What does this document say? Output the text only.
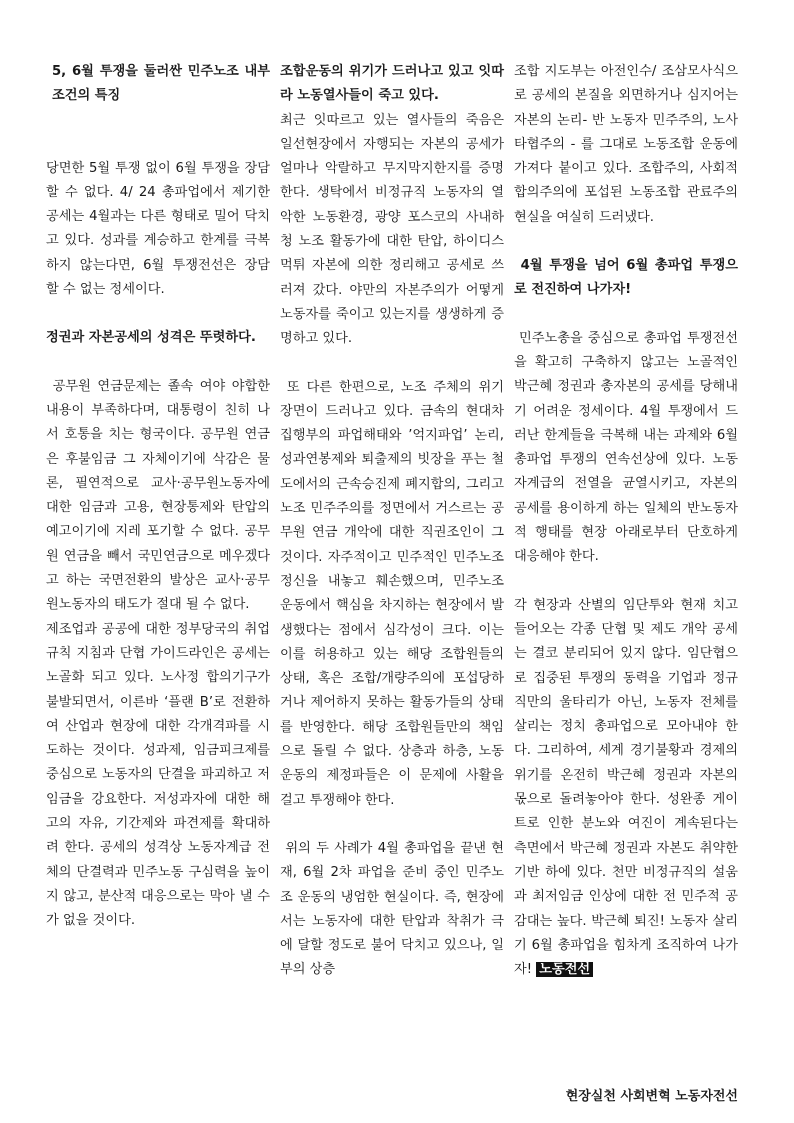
5, 6월 투쟁을 둘러싼 민주노조 내부조건의 특징

당면한 5월 투쟁 없이 6월 투쟁을 장담할 수 없다. 4/ 24 총파업에서 제기한 공세는 4월과는 다른 형태로 밀어 닥치고 있다. 성과를 계승하고 한계를 극복하지 않는다면, 6월 투쟁전선은 장담 할 수 없는 정세이다.

정권과 자본공세의 성격은 뚜렷하다.

공무원 연금문제는 졸속 여야 야합한 내용이 부족하다며, 대통령이 친히 나서 호통을 치는 형국이다. 공무원 연금은 후불임금 그 자체이기에 삭감은 물론, 필연적으로 교사·공무원노동자에 대한 임금과 고용, 현장통제와 탄압의 예고이기에 지레 포기할 수 없다. 공무원 연금을 빼서 국민연금으로 메우겠다고 하는 국면전환의 발상은 교사·공무원노동자의 태도가 절대 될 수 없다.

제조업과 공공에 대한 정부당국의 취업규칙 지침과 단협 가이드라인은 공세는 노골화 되고 있다. 노사정 합의기구가 불발되면서, 이른바 ‘플랜 B’로 전환하여 산업과 현장에 대한 각개격파를 시도하는 것이다. 성과제, 임금피크제를 중심으로 노동자의 단결을 파괴하고 저임금을 강요한다. 저성과자에 대한 해고의 자유, 기간제와 파견제를 확대하려 한다. 공세의 성격상 노동자계급 전체의 단결력과 민주노동 구심력을 높이지 않고, 분산적 대응으로는 막아 낼 수가 없을 것이다.

조합운동의 위기가 드러나고 있고 잇따라 노동열사들이 죽고 있다.

최근 잇따르고 있는 열사들의 죽음은 일선현장에서 자행되는 자본의 공세가 얼마나 악랄하고 무지막지한지를 증명한다. 생탁에서 비정규직 노동자의 열악한 노동환경, 광양 포스코의 사내하청 노조 활동가에 대한 탄압, 하이디스 먹튀 자본에 의한 정리해고 공세로 쓰러져 갔다. 야만의 자본주의가 어떻게 노동자를 죽이고 있는지를 생생하게 증명하고 있다.

또 다른 한편으로, 노조 주체의 위기 장면이 드러나고 있다. 금속의 현대차 집행부의 파업해태와 ’억지파업’ 논리, 성과연봉제와 퇴출제의 빗장을 푸는 철도에서의 근속승진제 폐지합의, 그리고 노조 민주주의를 정면에서 거스르는 공무원 연금 개악에 대한 직권조인이 그것이다. 자주적이고 민주적인 민주노조 정신을 내놓고 훼손했으며, 민주노조 운동에서 핵심을 차지하는 현장에서 발생했다는 점에서 심각성이 크다. 이는 이를 허용하고 있는 해당 조합원들의 상태, 혹은 조합/개량주의에 포섭당하거나 제어하지 못하는 활동가들의 상태를 반영한다. 해당 조합원들만의 책임으로 돌릴 수 없다. 상층과 하층, 노동운동의 제정파들은 이 문제에 사활을 걸고 투쟁해야 한다.

위의 두 사례가 4월 총파업을 끝낸 현재, 6월 2차 파업을 준비 중인 민주노조 운동의 냉엄한 현실이다. 즉, 현장에서는 노동자에 대한 탄압과 착취가 극에 달할 정도로 불어 닥치고 있으나, 일부의 상층

조합 지도부는 아전인수/ 조삼모사식으로 공세의 본질을 외면하거나 심지어는 자본의 논리- 반 노동자 민주주의, 노사 타협주의 - 를 그대로 노동조합 운동에 가져다 붙이고 있다. 조합주의, 사회적 합의주의에 포섭된 노동조합 관료주의 현실을 여실히 드러냈다.

4월 투쟁을 넘어 6월 총파업 투쟁으로 전진하여 나가자!

민주노총을 중심으로 총파업 투쟁전선을 확고히 구축하지 않고는 노골적인 박근혜 정권과 총자본의 공세를 당해내기 어려운 정세이다. 4월 투쟁에서 드러난 한계들을 극복해 내는 과제와 6월 총파업 투쟁의 연속선상에 있다. 노동자계급의 전열을 균열시키고, 자본의 공세를 용이하게 하는 일체의 반노동자적 행태를 현장 아래로부터 단호하게 대응해야 한다.

각 현장과 산별의 임단투와 현재 치고 들어오는 각종 단협 및 제도 개악 공세는 결코 분리되어 있지 않다. 임단협으로 집중된 투쟁의 동력을 기업과 정규직만의 울타리가 아닌, 노동자 전체를 살리는 정치 총파업으로 모아내야 한다. 그리하여, 세계 경기불황과 경제의 위기를 온전히 박근혜 정권과 자본의 몫으로 돌려놓아야 한다. 성완종 게이트로 인한 분노와 여진이 계속된다는 측면에서 박근혜 정권과 자본도 취약한 기반 하에 있다. 천만 비정규직의 설움과 최저임금 인상에 대한 전 민주적 공감대는 높다. 박근혜 퇴진! 노동자 살리기 6월 총파업을 힘차게 조직하여 나가자! 노동전선

현장실천 사회변혁 노동자전선
